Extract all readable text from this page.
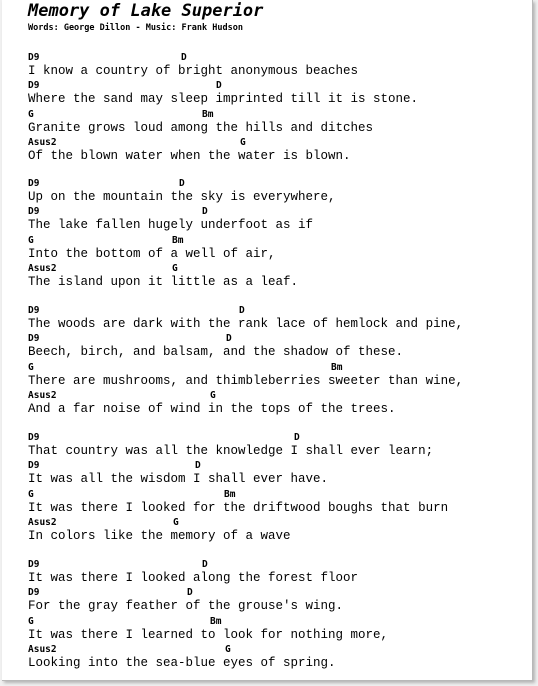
Memory of Lake Superior
Words: George Dillon - Music: Frank Hudson
D9	D
I know a country of bright anonymous beaches
D9	D
Where the sand may sleep imprinted till it is stone.
G	Bm
Granite grows loud among the hills and ditches
Asus2	G
Of the blown water when the water is blown.
D9	D
Up on the mountain the sky is everywhere,
D9	D
The lake fallen hugely underfoot as if
G	Bm
Into the bottom of a well of air,
Asus2	G
The island upon it little as a leaf.
D9	D
The woods are dark with the rank lace of hemlock and pine,
D9	D
Beech, birch, and balsam, and the shadow of these.
G	Bm
There are mushrooms, and thimbleberries sweeter than wine,
Asus2	G
And a far noise of wind in the tops of the trees.
D9	D
That country was all the knowledge I shall ever learn;
D9	D
It was all the wisdom I shall ever have.
G	Bm
It was there I looked for the driftwood boughs that burn
Asus2	G
In colors like the memory of a wave
D9	D
It was there I looked along the forest floor
D9	D
For the gray feather of the grouse's wing.
G	Bm
It was there I learned to look for nothing more,
Asus2	G
Looking into the sea-blue eyes of spring.
